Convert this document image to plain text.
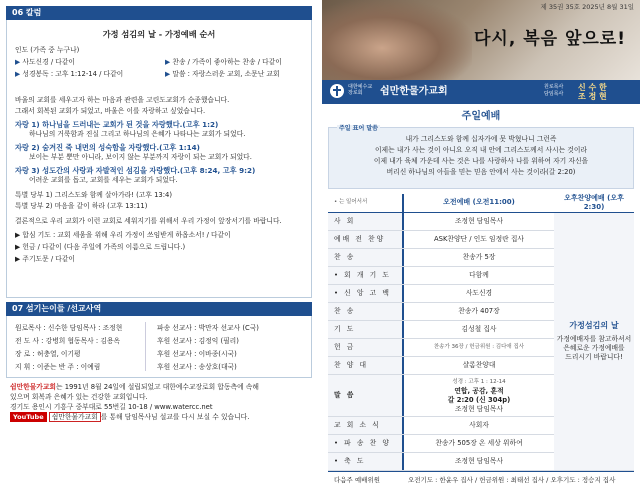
06 칼럼
가정 섬김의 날 - 가정예배 순서
인도 (가족 중 누구나)
▶ 사도신경 / 다같이
▶ 성경봉독 : 고후 1:12-14 / 다같이
▶ 찬송 / 가족이 좋아하는 찬송 / 다같이
▶ 말씀 : 자랑스러운 교회, 소문난 교회
바울의 교회를 세우고자 하는 마음과 관련을 고린도교회가 순종했습니다.
그래서 회복된 교회가 되었고, 바울은 이를 자랑하고 싶었습니다.
자랑 1) 하나님을 드러내는 교회가 된 것을 자랑했다.(고후 1:2)
하나님의 거룩함과 진실 그리고 하나님의 은혜가 나타나는 교회가 되었다.
자랑 2) 숨겨진 죽 내면의 성숙함을 자랑했다.(고후 1:14)
보이는 부분 뿐만 아니라, 보이지 않는 부분까지 자랑이 되는 교회가 되었다.
자랑 3) 성도간의 사랑과 자발적인 섬김을 자랑했다.(고후 8:24, 고후 9:2)
어려운 교회를 돕고, 교회를 세우는 교회가 되었다.
특별 당부 1) 그리스도와 함께 살아가라! (고후 13:4)
특별 당부 2) 마음을 같이 하라 (고후 13:11)
결론적으로 우리 교회가 이런 교회로 세워지기를 위해서 우리 가정이 앞장서기를 바랍니다.
▶ 합심 기도 : 교회 세움을 위해 우리 가정이 쓰임받게 하옵소서! / 다같이
▶ 헌금 / 다같이 (다음 주일에 가족의 이름으로 드립니다.)
▶ 주기도문 / 다같이
07 섬기는이들 /선교사역
원로목사 : 신수한 담임목사 : 조정현
전 도 사 : 강병희 협동목사 : 김용옥
장 로 : 허충열, 이기평
지 휘 : 이준는 반 주 : 이예림
파송 선교사 : 박만자 선교사 (C국)
후원 선교사 : 김정익 (필리)
후원 선교사 : 이바종(시국)
후원 선교사 : 송상호(대국)
쉼만한물가교회는 1991년 8월 24일에 설립되었고 대한예수교장로회 합동측에 속해
있으며 회복과 은혜가 있는 건강한 교회입니다.
경기도 용인시 기흥구 중부대로 55번길 10-18 / www.watercc.net
YouTube 쉼만한물가교회 를 통해 담임목사님 설교를 다시 보실 수 있습니다.
제 35권 35호 2025년 8월 31일
다시, 복음 앞으로!
대한예수교
장로회	쉼만한물가교회	원로목사
담임목사
신 수 한
조 정 현
주일예배
주일 표어 말씀
내가 그리스도와 함께 십자가에 못 박혔나니 그런즉
이제는 내가 사는 것이 아니요 오직 내 안에 그리스도께서 사시는 것이라
이제 내가 육체 가운데 사는 것은 나를 사랑하사 나를 위하여 자기 자신을
버리신 하나님의 아들을 믿는 믿음 안에서 사는 것이라(갈 2:20)
• 는 일어서서		오전예배 (오전11:00)	오후찬양예배 (오후2:30)
사 회		조정현 담임목사	가정섬김의 날
가정예배자를 참고하셔서
은혜로운 가정예배를
드리시기 바랍니다!

예배 전 찬양		ASK찬양단 / 인도 임정란 집사	
찬 송		찬송가 5장	
• 회 개 기 도		다함께	
• 신 앙 고 백		사도신경	
찬 송		찬송가 407장	
기 도		김성철 집사	
헌 금		찬송가 36장 / 헌금위원 : 김다애 집사	
찬 양 대		샬롬찬양대	
말 씀		성경 : 고후 1 : 12-14
연합, 공감, 훈적
갈 2:20 (신 304p)
조정현 담임목사	

교 회 소 식		사회자	
• 파 송 찬 양		찬송가 505장 온 세상 위하여	
• 축 도		조정현 담임목사	
다음주 예배위원	오전기도 : 한윤우 집사 / 헌금위원 : 최태선 집사 / 오후기도 : 정승지 집사
